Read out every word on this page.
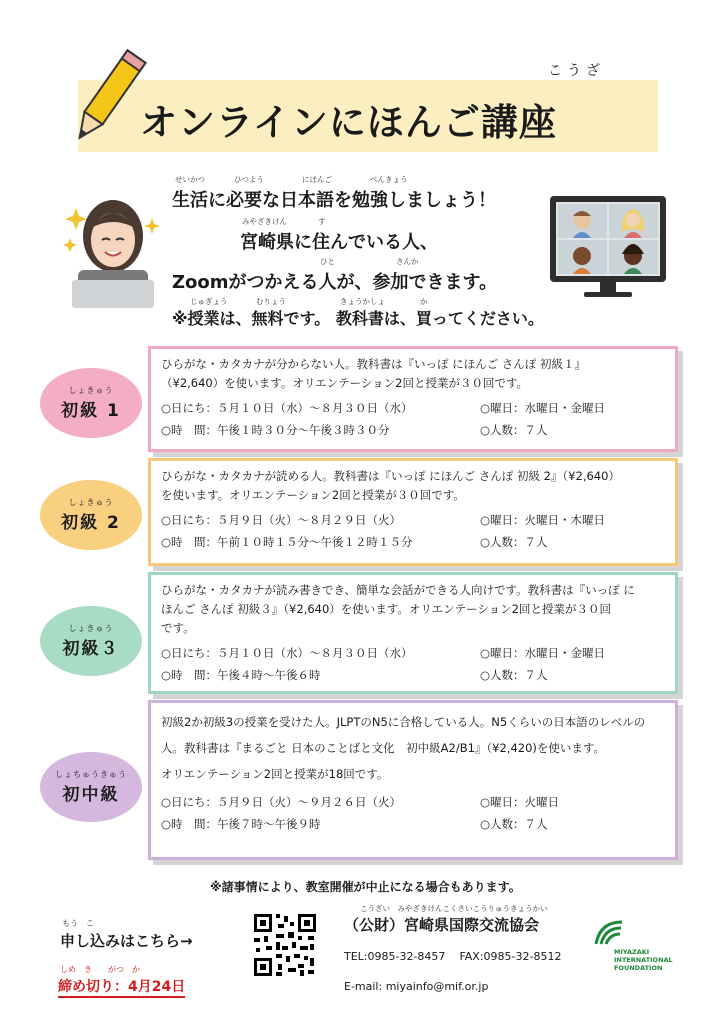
こうざ
オンラインにほんご講座
せいかつ	ひつよう	にほんご	べんきょう
生活に必要な日本語を勉強しましょう！
みやざきけん	す
宮崎県に住んでいる人、
ひと	さんか
Zoomがつかえる人が、参加できます。
じゅぎょう	むりょう	きょうかしょ	か
※授業は、無料です。 教科書は、買ってください。
しょきゅう
初級 1

ひらがな・カタカナが分からない人。教科書は『いっぽ にほんご さんぽ 初級１』
（¥2,640）を使います。オリエンテーション2回と授業が３０回です。

○日にち：５月１０日（水）～８月３０日（水）	○曜日：水曜日・金曜日
○時　間：午後１時３０分～午後３時３０分	○人数：７人
しょきゅう
初級 2

ひらがな・カタカナが読める人。教科書は『いっぽ にほんご さんぽ 初級 2』（¥2,640）
を使います。オリエンテーション2回と授業が３０回です。

○日にち：５月９日（火）～８月２９日（火）	○曜日：火曜日・木曜日
○時　間：午前１０時１５分～午後１２時１５分	○人数：７人
しょきゅう
初級３

ひらがな・カタカナが読み書きでき、簡単な会話ができる人向けです。教科書は『いっぽ に
ほんご さんぽ 初級３』（¥2,640）を使います。オリエンテーション2回と授業が３０回
です。

○日にち：５月１０日（水）～８月３０日（水）	○曜日：水曜日・金曜日
○時　間：午後４時～午後６時	○人数：７人
しょちゅうきゅう
初中級

初級2か初級3の授業を受けた人。JLPTのN5に合格している人。N5くらいの日本語のレベルの
人。教科書は『まるごと 日本のことばと文化　初中級A2/B1』（¥2,420)を使います。
オリエンテーション2回と授業が18回です。

○日にち：５月９日（火）～９月２６日（火）	○曜日：火曜日
○時　間：午後７時～午後９時	○人数：７人
※諸事情により、教室開催が中止になる場合もあります。
もう　こ
申し込みはこちら→
しめ　き　　がつ　か
締め切り：4月24日
こうざい　みやざきけんこくさいこうりゅうきょうかい
（公財）宮崎県国際交流協会
TEL:0985-32-8457 FAX:0985-32-8512
E-mail: miyainfo@mif.or.jp
MIYAZAKI
INTERNATIONAL
FOUNDATION
